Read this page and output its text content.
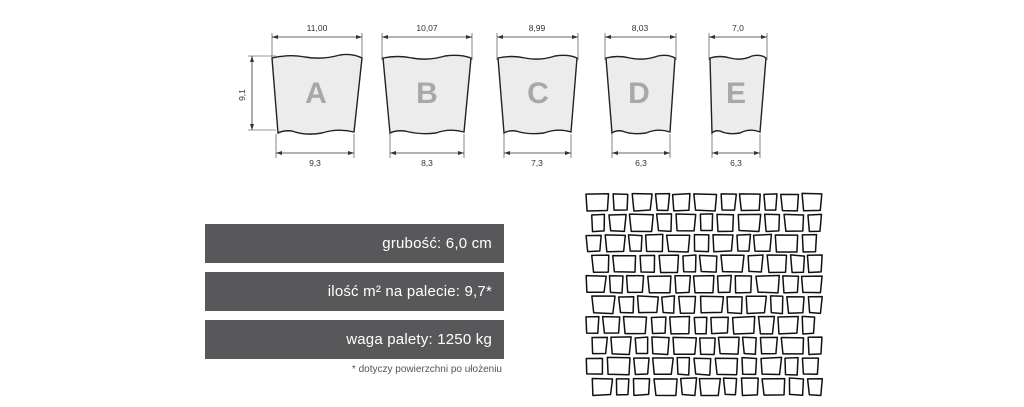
9,1
11,00
A
9,3
10,07
B
8,3
8,99
C
7,3
8,03
D
6,3
7,0
E
6,3
grubość: 6,0 cm
ilość m² na palecie: 9,7*
waga palety: 1250 kg
* dotyczy powierzchni po ułożeniu
